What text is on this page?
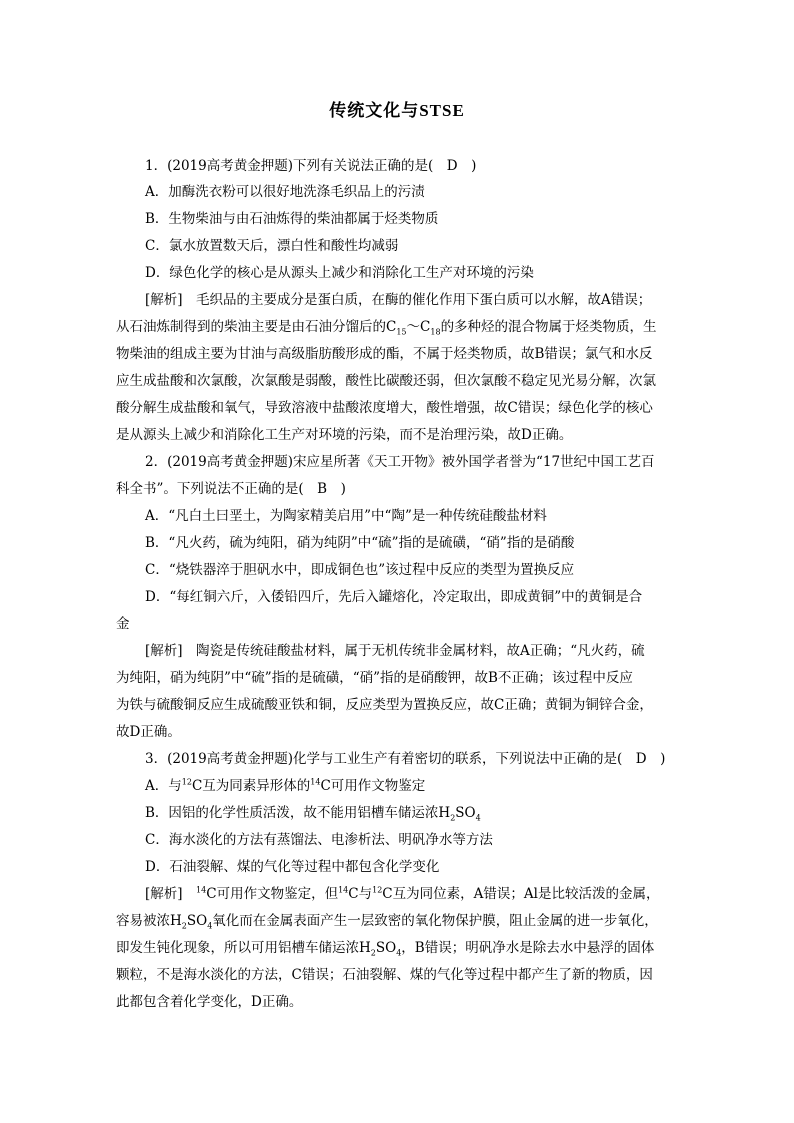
传统文化与STSE
1．(2019高考黄金押题)下列有关说法正确的是(　D　)
A．加酶洗衣粉可以很好地洗涤毛织品上的污渍
B．生物柴油与由石油炼得的柴油都属于烃类物质
C．氯水放置数天后，漂白性和酸性均减弱
D．绿色化学的核心是从源头上减少和消除化工生产对环境的污染
[解析]　毛织品的主要成分是蛋白质，在酶的催化作用下蛋白质可以水解，故A错误；
从石油炼制得到的柴油主要是由石油分馏后的$C_{15}\sim C_{18}$的多种烃的混合物属于烃类物质，生
物柴油的组成主要为甘油与高级脂肪酸形成的酯，不属于烃类物质，故B错误；氯气和水反
应生成盐酸和次氯酸，次氯酸是弱酸，酸性比碳酸还弱，但次氯酸不稳定见光易分解，次氯
酸分解生成盐酸和氧气，导致溶液中盐酸浓度增大，酸性增强，故C错误；绿色化学的核心
是从源头上减少和消除化工生产对环境的污染，而不是治理污染，故D正确。
2．(2019高考黄金押题)宋应星所著《天工开物》被外国学者誉为“17世纪中国工艺百
科全书”。下列说法不正确的是(　B　)
A．“凡白土曰垩土，为陶家精美启用”中“陶”是一种传统硅酸盐材料
B．“凡火药，硫为纯阳，硝为纯阴”中“硫”指的是硫磺，“硝”指的是硝酸
C．“烧铁器淬于胆矾水中，即成铜色也”该过程中反应的类型为置换反应
D．“每红铜六斤，入倭铅四斤，先后入罐熔化，冷定取出，即成黄铜”中的黄铜是合
金
[解析]　陶瓷是传统硅酸盐材料，属于无机传统非金属材料，故A正确；“凡火药，硫
为纯阳，硝为纯阴”中“硫”指的是硫磺，“硝”指的是硝酸钾，故B不正确；该过程中反应
为铁与硫酸铜反应生成硫酸亚铁和铜，反应类型为置换反应，故C正确；黄铜为铜锌合金，
故D正确。
3．(2019高考黄金押题)化学与工业生产有着密切的联系，下列说法中正确的是(　D　)
A．与$^{12}$C互为同素异形体的$^{14}$C可用作文物鉴定
B．因铝的化学性质活泼，故不能用铝槽车储运浓$H_2SO_4$
C．海水淡化的方法有蒸馏法、电渗析法、明矾净水等方法
D．石油裂解、煤的气化等过程中都包含化学变化
[解析]　$^{14}$C可用作文物鉴定，但$^{14}$C与$^{12}$C互为同位素，A错误；Al是比较活泼的金属，
容易被浓$H_2SO_4$氧化而在金属表面产生一层致密的氧化物保护膜，阻止金属的进一步氧化，
即发生钝化现象，所以可用铝槽车储运浓$H_2SO_4$，B错误；明矾净水是除去水中悬浮的固体
颗粒，不是海水淡化的方法，C错误；石油裂解、煤的气化等过程中都产生了新的物质，因
此都包含着化学变化，D正确。
